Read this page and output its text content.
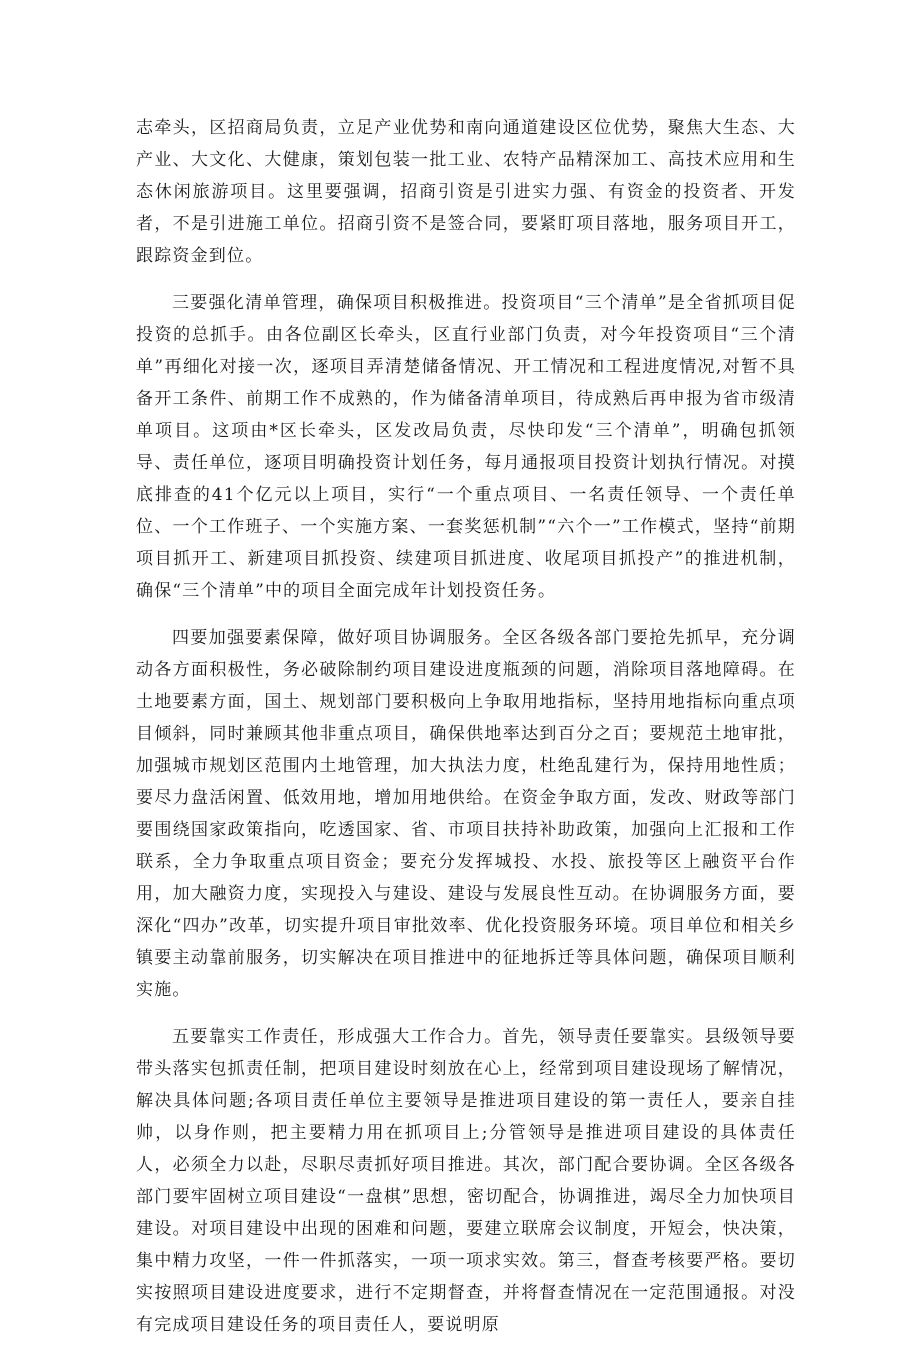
志牵头，区招商局负责，立足产业优势和南向通道建设区位优势，聚焦大生态、大产业、大文化、大健康，策划包装一批工业、农特产品精深加工、高技术应用和生态休闲旅游项目。这里要强调，招商引资是引进实力强、有资金的投资者、开发者，不是引进施工单位。招商引资不是签合同，要紧盯项目落地，服务项目开工，跟踪资金到位。

三要强化清单管理，确保项目积极推进。投资项目“三个清单”是全省抓项目促投资的总抓手。由各位副区长牵头，区直行业部门负责，对今年投资项目“三个清单”再细化对接一次，逐项目弄清楚储备情况、开工情况和工程进度情况,对暂不具备开工条件、前期工作不成熟的，作为储备清单项目，待成熟后再申报为省市级清单项目。这项由*区长牵头，区发改局负责，尽快印发“三个清单”，明确包抓领导、责任单位，逐项目明确投资计划任务，每月通报项目投资计划执行情况。对摸底排查的41个亿元以上项目，实行“一个重点项目、一名责任领导、一个责任单位、一个工作班子、一个实施方案、一套奖惩机制”“六个一”工作模式，坚持“前期项目抓开工、新建项目抓投资、续建项目抓进度、收尾项目抓投产”的推进机制，确保“三个清单”中的项目全面完成年计划投资任务。

四要加强要素保障，做好项目协调服务。全区各级各部门要抢先抓早，充分调动各方面积极性，务必破除制约项目建设进度瓶颈的问题，消除项目落地障碍。在土地要素方面，国土、规划部门要积极向上争取用地指标，坚持用地指标向重点项目倾斜，同时兼顾其他非重点项目，确保供地率达到百分之百；要规范土地审批，加强城市规划区范围内土地管理，加大执法力度，杜绝乱建行为，保持用地性质；要尽力盘活闲置、低效用地，增加用地供给。在资金争取方面，发改、财政等部门要围绕国家政策指向，吃透国家、省、市项目扶持补助政策，加强向上汇报和工作联系，全力争取重点项目资金；要充分发挥城投、水投、旅投等区上融资平台作用，加大融资力度，实现投入与建设、建设与发展良性互动。在协调服务方面，要深化“四办”改革，切实提升项目审批效率、优化投资服务环境。项目单位和相关乡镇要主动靠前服务，切实解决在项目推进中的征地拆迁等具体问题，确保项目顺利实施。

五要靠实工作责任，形成强大工作合力。首先，领导责任要靠实。县级领导要带头落实包抓责任制，把项目建设时刻放在心上，经常到项目建设现场了解情况，解决具体问题;各项目责任单位主要领导是推进项目建设的第一责任人，要亲自挂帅，以身作则，把主要精力用在抓项目上;分管领导是推进项目建设的具体责任人，必须全力以赴，尽职尽责抓好项目推进。其次，部门配合要协调。全区各级各部门要牢固树立项目建设“一盘棋”思想，密切配合，协调推进，竭尽全力加快项目建设。对项目建设中出现的困难和问题，要建立联席会议制度，开短会，快决策，集中精力攻坚，一件一件抓落实，一项一项求实效。第三，督查考核要严格。要切实按照项目建设进度要求，进行不定期督查，并将督查情况在一定范围通报。对没有完成项目建设任务的项目责任人，要说明原
